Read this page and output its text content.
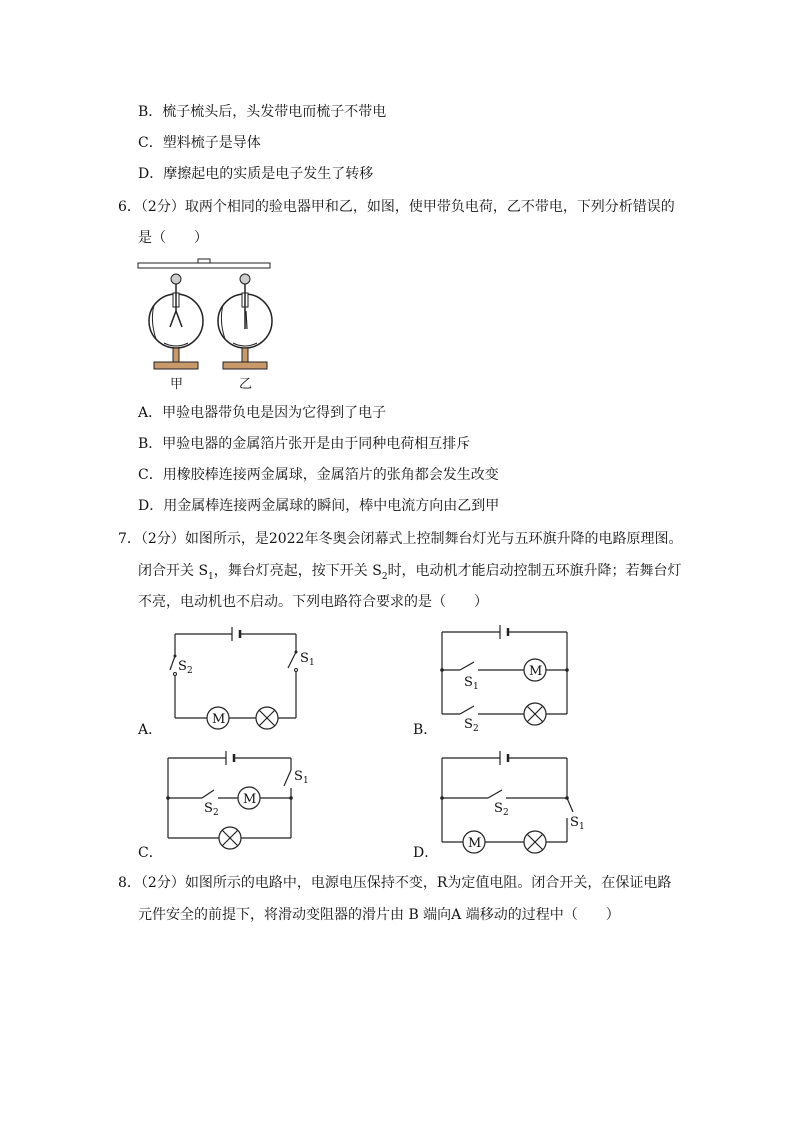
B．梳子梳头后，头发带电而梳子不带电
C．塑料梳子是导体
D．摩擦起电的实质是电子发生了转移
6．（2分）取两个相同的验电器甲和乙，如图，使甲带负电荷，乙不带电，下列分析错误的
是（　　）
甲	乙
A．甲验电器带负电是因为它得到了电子
B．甲验电器的金属箔片张开是由于同种电荷相互排斥
C．用橡胶棒连接两金属球，金属箔片的张角都会发生改变
D．用金属棒连接两金属球的瞬间，棒中电流方向由乙到甲
7．（2分）如图所示，是2022年冬奥会闭幕式上控制舞台灯光与五环旗升降的电路原理图。
闭合开关 $S_1$，舞台灯亮起，按下开关 $S_2$时，电动机才能启动控制五环旗升降；若舞台灯
不亮，电动机也不启动。下列电路符合要求的是（　　）
M
S 2
S 1
A．
M
S 1
S 2
B．
M
S 1
S 2
C．
M
S 2
S 1
D．
8．（2分）如图所示的电路中，电源电压保持不变，R为定值电阻。闭合开关，在保证电路
元件安全的前提下，将滑动变阻器的滑片由 B 端向A 端移动的过程中（　　）
